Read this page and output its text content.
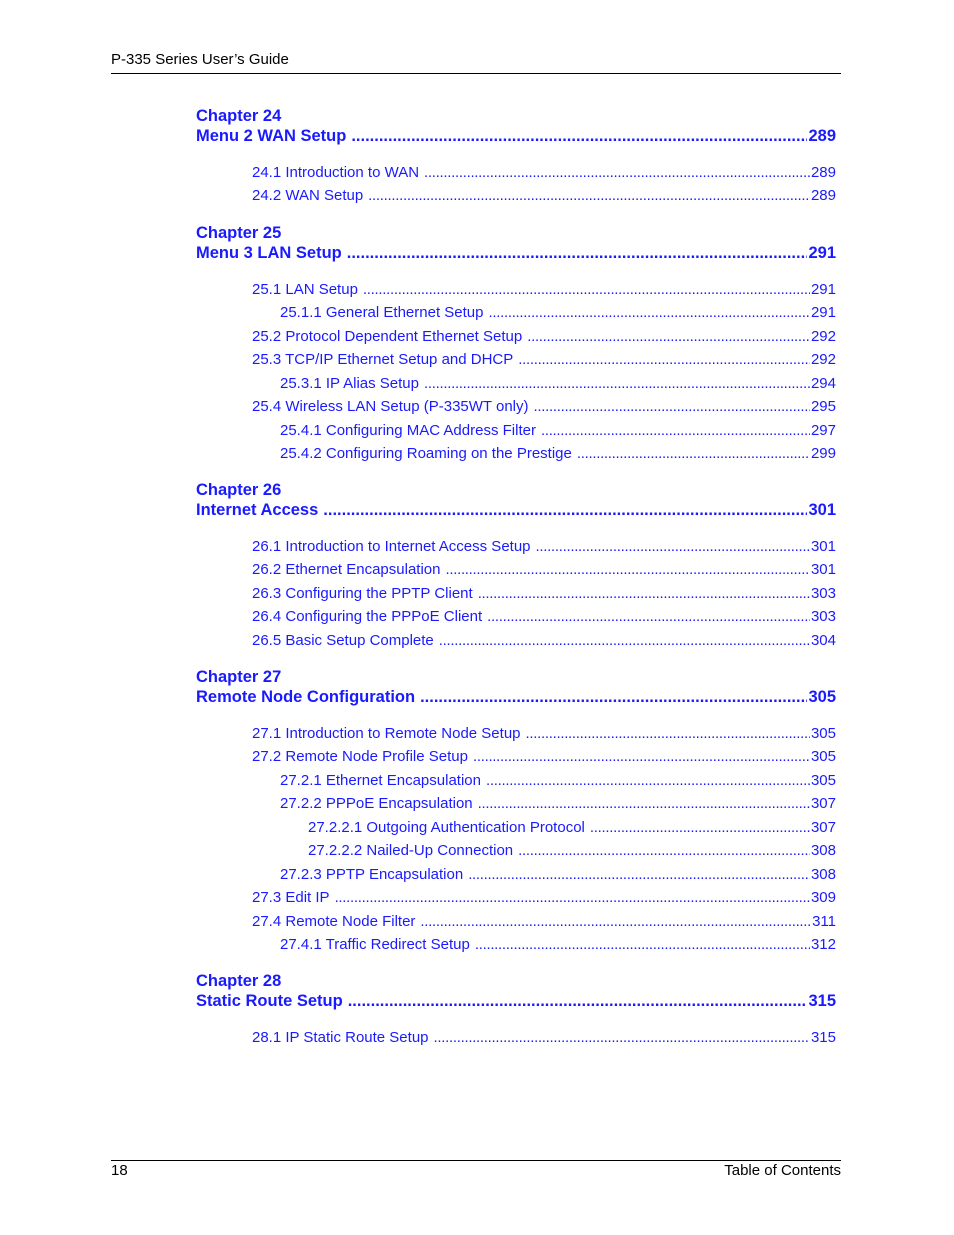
P-335 Series User’s Guide
Chapter 24
Menu 2 WAN Setup .....	289
24.1 Introduction to WAN .....	289
24.2 WAN Setup .....	289
Chapter 25
Menu 3 LAN Setup .....	291
25.1 LAN Setup .....	291
25.1.1 General Ethernet Setup .....	291
25.2 Protocol Dependent Ethernet Setup .....	292
25.3 TCP/IP Ethernet Setup and DHCP .....	292
25.3.1 IP Alias Setup .....	294
25.4 Wireless LAN Setup (P-335WT only) .....	295
25.4.1 Configuring MAC Address Filter .....	297
25.4.2 Configuring Roaming on the Prestige .....	299
Chapter 26
Internet Access .....	301
26.1 Introduction to Internet Access Setup .....	301
26.2 Ethernet Encapsulation .....	301
26.3 Configuring the PPTP Client .....	303
26.4 Configuring the PPPoE Client .....	303
26.5 Basic Setup Complete .....	304
Chapter 27
Remote Node Configuration .....	305
27.1 Introduction to Remote Node Setup .....	305
27.2 Remote Node Profile Setup .....	305
27.2.1 Ethernet Encapsulation .....	305
27.2.2 PPPoE Encapsulation .....	307
27.2.2.1 Outgoing Authentication Protocol .....	307
27.2.2.2 Nailed-Up Connection .....	308
27.2.3 PPTP Encapsulation .....	308
27.3 Edit IP .....	309
27.4 Remote Node Filter .....	311
27.4.1 Traffic Redirect Setup .....	312
Chapter 28
Static Route Setup .....	315
28.1 IP Static Route Setup .....	315
18	Table of Contents
